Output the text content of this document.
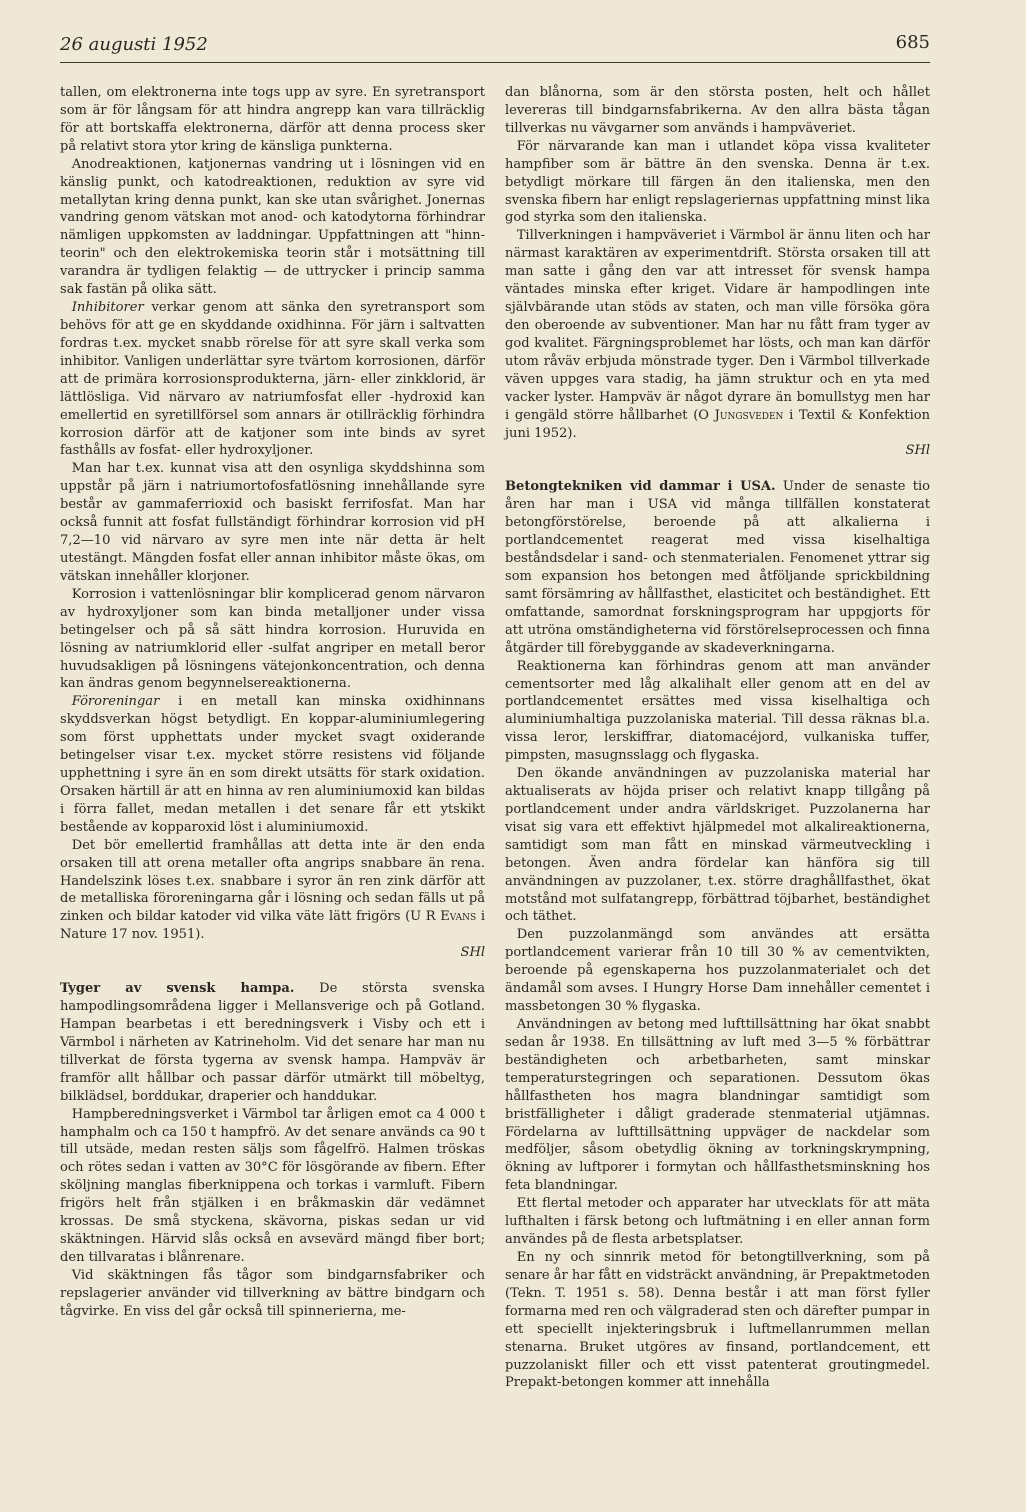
26 augusti 1952	685

tallen, om elektronerna inte togs upp av syre. En syretransport som är för långsam för att hindra angrepp kan vara tillräcklig för att bortskaffa elektronerna, därför att denna process sker på relativt stora ytor kring de känsliga punkterna.

Anodreaktionen, katjonernas vandring ut i lösningen vid en känslig punkt, och katodreaktionen, reduktion av syre vid metallytan kring denna punkt, kan ske utan svårighet. Jonernas vandring genom vätskan mot anod- och katodytorna förhindrar nämligen uppkomsten av laddningar. Uppfattningen att "hinn-teorin" och den elektrokemiska teorin står i motsättning till varandra är tydligen felaktig — de uttrycker i princip samma sak fastän på olika sätt.

Inhibitorer verkar genom att sänka den syretransport som behövs för att ge en skyddande oxidhinna. För järn i saltvatten fordras t.ex. mycket snabb rörelse för att syre skall verka som inhibitor. Vanligen underlättar syre tvärtom korrosionen, därför att de primära korrosionsprodukterna, järn- eller zinkklorid, är lättlösliga. Vid närvaro av natriumfosfat eller -hydroxid kan emellertid en syretillförsel som annars är otillräcklig förhindra korrosion därför att de katjoner som inte binds av syret fasthålls av fosfat- eller hydroxyljoner.

Man har t.ex. kunnat visa att den osynliga skyddshinna som uppstår på järn i natriumortofosfatlösning innehållande syre består av gammaferrioxid och basiskt ferrifosfat. Man har också funnit att fosfat fullständigt förhindrar korrosion vid pH 7,2—10 vid närvaro av syre men inte när detta är helt utestängt. Mängden fosfat eller annan inhibitor måste ökas, om vätskan innehåller klorjoner.

Korrosion i vattenlösningar blir komplicerad genom närvaron av hydroxyljoner som kan binda metalljoner under vissa betingelser och på så sätt hindra korrosion. Huruvida en lösning av natriumklorid eller -sulfat angriper en metall beror huvudsakligen på lösningens vätejonkoncentration, och denna kan ändras genom begynnelsereaktionerna.

Föroreningar i en metall kan minska oxidhinnans skyddsverkan högst betydligt. En koppar-aluminiumlegering som först upphettats under mycket svagt oxiderande betingelser visar t.ex. mycket större resistens vid följande upphettning i syre än en som direkt utsätts för stark oxidation. Orsaken härtill är att en hinna av ren aluminiumoxid kan bildas i förra fallet, medan metallen i det senare får ett ytskikt bestående av kopparoxid löst i aluminiumoxid.

Det bör emellertid framhållas att detta inte är den enda orsaken till att orena metaller ofta angrips snabbare än rena. Handelszink löses t.ex. snabbare i syror än ren zink därför att de metalliska föroreningarna går i lösning och sedan fälls ut på zinken och bildar katoder vid vilka väte lätt frigörs (U R Evans i Nature 17 nov. 1951).

SHl

Tyger av svensk hampa. De största svenska hampodlingsområdena ligger i Mellansverige och på Gotland. Hampan bearbetas i ett beredningsverk i Visby och ett i Värmbol i närheten av Katrineholm. Vid det senare har man nu tillverkat de första tygerna av svensk hampa. Hampväv är framför allt hållbar och passar därför utmärkt till möbeltyg, bilklädsel, borddukar, draperier och handdukar.

Hampberedningsverket i Värmbol tar årligen emot ca 4 000 t hamphalm och ca 150 t hampfrö. Av det senare används ca 90 t till utsäde, medan resten säljs som fågelfrö. Halmen tröskas och rötes sedan i vatten av 30°C för lösgörande av fibern. Efter sköljning manglas fiberknippena och torkas i varmluft. Fibern frigörs helt från stjälken i en bråkmaskin där vedämnet krossas. De små styckena, skävorna, piskas sedan ur vid skäktningen. Härvid slås också en avsevärd mängd fiber bort; den tillvaratas i blånrenare.

Vid skäktningen fås tågor som bindgarnsfabriker och repslagerier använder vid tillverkning av bättre bindgarn och tågvirke. En viss del går också till spinnerierna, me-

dan blånorna, som är den största posten, helt och hållet levereras till bindgarnsfabrikerna. Av den allra bästa tågan tillverkas nu vävgarner som används i hampväveriet.

För närvarande kan man i utlandet köpa vissa kvaliteter hampfiber som är bättre än den svenska. Denna är t.ex. betydligt mörkare till färgen än den italienska, men den svenska fibern har enligt repslageriernas uppfattning minst lika god styrka som den italienska.

Tillverkningen i hampväveriet i Värmbol är ännu liten och har närmast karaktären av experimentdrift. Största orsaken till att man satte i gång den var att intresset för svensk hampa väntades minska efter kriget. Vidare är hampodlingen inte självbärande utan stöds av staten, och man ville försöka göra den oberoende av subventioner. Man har nu fått fram tyger av god kvalitet. Färgningsproblemet har lösts, och man kan därför utom råväv erbjuda mönstrade tyger. Den i Värmbol tillverkade väven uppges vara stadig, ha jämn struktur och en yta med vacker lyster. Hampväv är något dyrare än bomullstyg men har i gengäld större hållbarhet (O Jungsveden i Textil & Konfektion juni 1952).

SHl

Betongtekniken vid dammar i USA. Under de senaste tio åren har man i USA vid många tillfällen konstaterat betongförstörelse, beroende på att alkalierna i portlandcementet reagerat med vissa kiselhaltiga beståndsdelar i sand- och stenmaterialen. Fenomenet yttrar sig som expansion hos betongen med åtföljande sprickbildning samt försämring av hållfasthet, elasticitet och beständighet. Ett omfattande, samordnat forskningsprogram har uppgjorts för att utröna omständigheterna vid förstörelseprocessen och finna åtgärder till förebyggande av skadeverkningarna.

Reaktionerna kan förhindras genom att man använder cementsorter med låg alkalihalt eller genom att en del av portlandcementet ersättes med vissa kiselhaltiga och aluminiumhaltiga puzzolaniska material. Till dessa räknas bl.a. vissa leror, lerskiffrar, diatomacéjord, vulkaniska tuffer, pimpsten, masugnsslagg och flygaska.

Den ökande användningen av puzzolaniska material har aktualiserats av höjda priser och relativt knapp tillgång på portlandcement under andra världskriget. Puzzolanerna har visat sig vara ett effektivt hjälpmedel mot alkalireaktionerna, samtidigt som man fått en minskad värmeutveckling i betongen. Även andra fördelar kan hänföra sig till användningen av puzzolaner, t.ex. större draghållfasthet, ökat motstånd mot sulfatangrepp, förbättrad töjbarhet, beständighet och täthet.

Den puzzolanmängd som användes att ersätta portlandcement varierar från 10 till 30 % av cementvikten, beroende på egenskaperna hos puzzolanmaterialet och det ändamål som avses. I Hungry Horse Dam innehåller cementet i massbetongen 30 % flygaska.

Användningen av betong med lufttillsättning har ökat snabbt sedan år 1938. En tillsättning av luft med 3—5 % förbättrar beständigheten och arbetbarheten, samt minskar temperaturstegringen och separationen. Dessutom ökas hållfastheten hos magra blandningar samtidigt som bristfälligheter i dåligt graderade stenmaterial utjämnas. Fördelarna av lufttillsättning uppväger de nackdelar som medföljer, såsom obetydlig ökning av torkningskrympning, ökning av luftporer i formytan och hållfasthetsminskning hos feta blandningar.

Ett flertal metoder och apparater har utvecklats för att mäta lufthalten i färsk betong och luftmätning i en eller annan form användes på de flesta arbetsplatser.

En ny och sinnrik metod för betongtillverkning, som på senare år har fått en vidsträckt användning, är Prepaktmetoden (Tekn. T. 1951 s. 58). Denna består i att man först fyller formarna med ren och välgraderad sten och därefter pumpar in ett speciellt injekteringsbruk i luftmellanrummen mellan stenarna. Bruket utgöres av finsand, portlandcement, ett puzzolaniskt filler och ett visst patenterat groutingmedel. Prepakt-betongen kommer att innehålla
